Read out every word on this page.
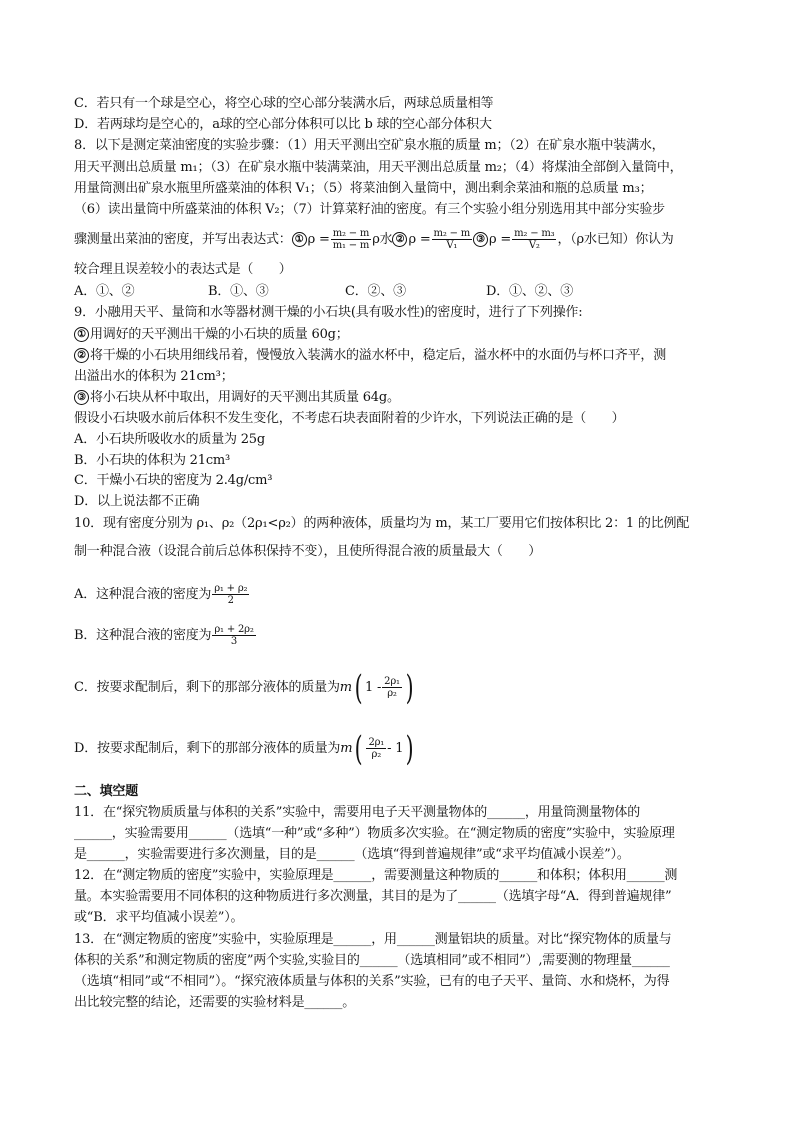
C．若只有一个球是空心，将空心球的空心部分装满水后，两球总质量相等
D．若两球均是空心的，a球的空心部分体积可以比 b 球的空心部分体积大
8．以下是测定菜油密度的实验步骤：（1）用天平测出空矿泉水瓶的质量 m；（2）在矿泉水瓶中装满水，
用天平测出总质量 m₁；（3）在矿泉水瓶中装满菜油，用天平测出总质量 m₂；（4）将煤油全部倒入量筒中，
用量筒测出矿泉水瓶里所盛菜油的体积 V₁；（5）将菜油倒入量筒中，测出剩余菜油和瓶的总质量 m₃；
（6）读出量筒中所盛菜油的体积 V₂；（7）计算菜籽油的密度。有三个实验小组分别选用其中部分实验步
骤测量出菜油的密度，并写出表达式： ① $\rho = \frac{\text{m₂ − m}}{\text{m₁ − m}}$ ρ水 ② $\rho = \frac{\text{m₂ − m}}{\text{V₁}}$ ③ $\rho = \frac{\text{m₂ − m₃}}{\text{V₂}}$ ，（ρ水已知）你认为
较合理且误差较小的表达式是（　　）
A．①、②	B．①、③	C．②、③	D．①、②、③
9．小融用天平、量筒和水等器材测干燥的小石块(具有吸水性)的密度时，进行了下列操作:
① 用调好的天平测出干燥的小石块的质量 60g；
② 将干燥的小石块用细线吊着，慢慢放入装满水的溢水杯中，稳定后，溢水杯中的水面仍与杯口齐平，测
出溢出水的体积为 21cm³；
③ 将小石块从杯中取出，用调好的天平测出其质量 64g。
假设小石块吸水前后体积不发生变化，不考虑石块表面附着的少许水，下列说法正确的是（　　）
A．小石块所吸收水的质量为 25g
B．小石块的体积为 21cm³
C．干燥小石块的密度为 2.4g/cm³
D．以上说法都不正确
10．现有密度分别为 ρ₁、ρ₂（2ρ₁<ρ₂）的两种液体，质量均为 m，某工厂要用它们按体积比 2：1 的比例配
制一种混合液（设混合前后总体积保持不变），且使所得混合液的质量最大（　　）
A．这种混合液的密度为 $\frac{\text{ρ₁ + ρ₂}}{2}$
B．这种混合液的密度为 $\frac{\text{ρ₁ + 2ρ₂}}{3}$
C．按要求配制后，剩下的那部分液体的质量为m( $1 - \frac{\text{2ρ₁}}{\text{ρ₂}}$ )
D．按要求配制后，剩下的那部分液体的质量为$m( \frac{\text{2ρ₁}}{\text{ρ₂}} - 1)$
二、填空题
11．在“探究物质质量与体积的关系”实验中，需要用电子天平测量物体的______，用量筒测量物体的
______，实验需要用______（选填“一种”或“多种”）物质多次实验。在“测定物质的密度”实验中，实验原理
是______，实验需要进行多次测量，目的是______（选填“得到普遍规律”或“求平均值减小误差”）。
12．在“测定物质的密度”实验中，实验原理是______，需要测量这种物质的______和体积；体积用______测
量。本实验需要用不同体积的这种物质进行多次测量，其目的是为了______（选填字母“A．得到普遍规律”
或“B．求平均值减小误差”）。
13．在“测定物质的密度”实验中，实验原理是______，用______测量铝块的质量。对比“探究物体的质量与
体积的关系”和测定物质的密度”两个实验,实验目的______（选填相同”或不相同”）,需要测的物理量______
（选填“相同”或“不相同”）。“探究液体质量与体积的关系”实验，已有的电子天平、量筒、水和烧杯，为得
出比较完整的结论，还需要的实验材料是______。
